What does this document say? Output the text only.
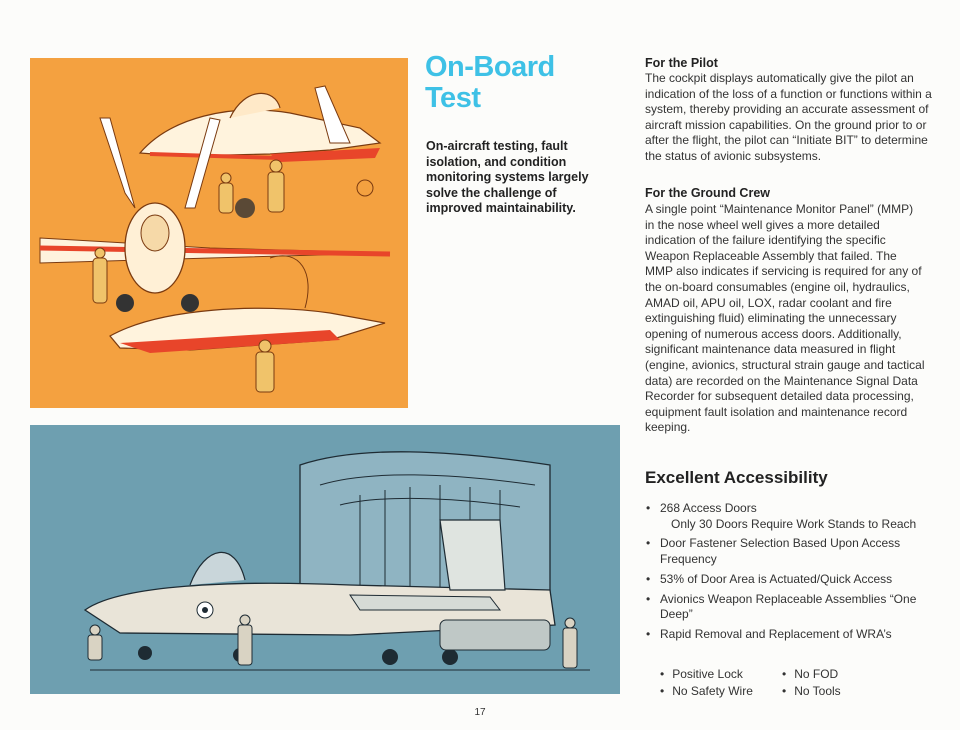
On-Board
Test
On-aircraft testing, fault isolation, and condition monitoring systems largely solve the challenge of improved maintainability.
For the Pilot
The cockpit displays automatically give the pilot an indication of the loss of a function or functions within a system, thereby providing an accurate assessment of aircraft mission capabilities. On the ground prior to or after the flight, the pilot can “Initiate BIT” to determine the status of avionic subsystems.
For the Ground Crew
A single point “Maintenance Monitor Panel” (MMP) in the nose wheel well gives a more detailed indication of the failure identifying the specific Weapon Replaceable Assembly that failed. The MMP also indicates if servicing is required for any of the on-board consumables (engine oil, hydraulics, AMAD oil, APU oil, LOX, radar coolant and fire extinguishing fluid) eliminating the unnecessary opening of numerous access doors. Additionally, significant maintenance data measured in flight (engine, avionics, structural strain gauge and tactical data) are recorded on the Maintenance Signal Data Recorder for subsequent detailed data processing, equipment fault isolation and maintenance record keeping.
Excellent Accessibility
• 268 Access Doors
Only 30 Doors Require Work Stands to Reach
• Door Fastener Selection Based Upon Access Frequency
• 53% of Door Area is Actuated/Quick Access
• Avionics Weapon Replaceable Assemblies “One Deep”
• Rapid Removal and Replacement of WRA’s
• Positive Lock	• No FOD
• No Safety Wire • No Tools
17
